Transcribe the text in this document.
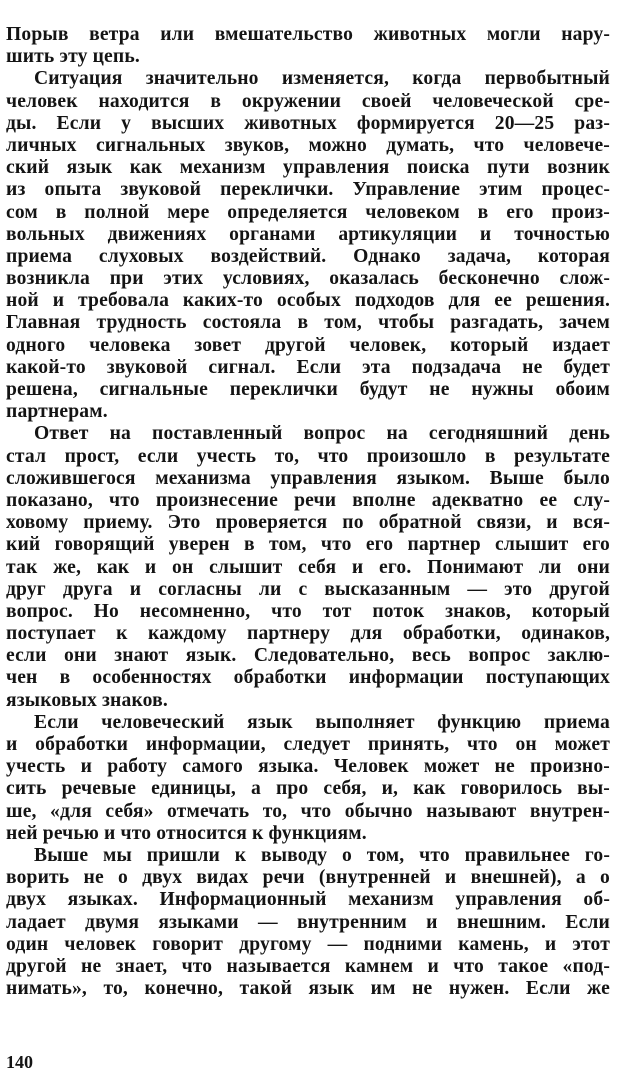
Порыв ветра или вмешательство животных могли нару-
шить эту цепь.
Ситуация значительно изменяется, когда первобытный
человек находится в окружении своей человеческой сре-
ды. Если у высших животных формируется 20—25 раз-
личных сигнальных звуков, можно думать, что человече-
ский язык как механизм управления поиска пути возник
из опыта звуковой переклички. Управление этим процес-
сом в полной мере определяется человеком в его произ-
вольных движениях органами артикуляции и точностью
приема слуховых воздействий. Однако задача, которая
возникла при этих условиях, оказалась бесконечно слож-
ной и требовала каких-то особых подходов для ее решения.
Главная трудность состояла в том, чтобы разгадать, зачем
одного человека зовет другой человек, который издает
какой-то звуковой сигнал. Если эта подзадача не будет
решена, сигнальные переклички будут не нужны обоим
партнерам.
Ответ на поставленный вопрос на сегодняшний день
стал прост, если учесть то, что произошло в результате
сложившегося механизма управления языком. Выше было
показано, что произнесение речи вполне адекватно ее слу-
ховому приему. Это проверяется по обратной связи, и вся-
кий говорящий уверен в том, что его партнер слышит его
так же, как и он слышит себя и его. Понимают ли они
друг друга и согласны ли с высказанным — это другой
вопрос. Но несомненно, что тот поток знаков, который
поступает к каждому партнеру для обработки, одинаков,
если они знают язык. Следовательно, весь вопрос заклю-
чен в особенностях обработки информации поступающих
языковых знаков.
Если человеческий язык выполняет функцию приема
и обработки информации, следует принять, что он может
учесть и работу самого языка. Человек может не произно-
сить речевые единицы, а про себя, и, как говорилось вы-
ше, «для себя» отмечать то, что обычно называют внутрен-
ней речью и что относится к функциям.
Выше мы пришли к выводу о том, что правильнее го-
ворить не о двух видах речи (внутренней и внешней), а о
двух языках. Информационный механизм управления об-
ладает двумя языками — внутренним и внешним. Если
один человек говорит другому — подними камень, и этот
другой не знает, что называется камнем и что такое «под-
нимать», то, конечно, такой язык им не нужен. Если же
140
